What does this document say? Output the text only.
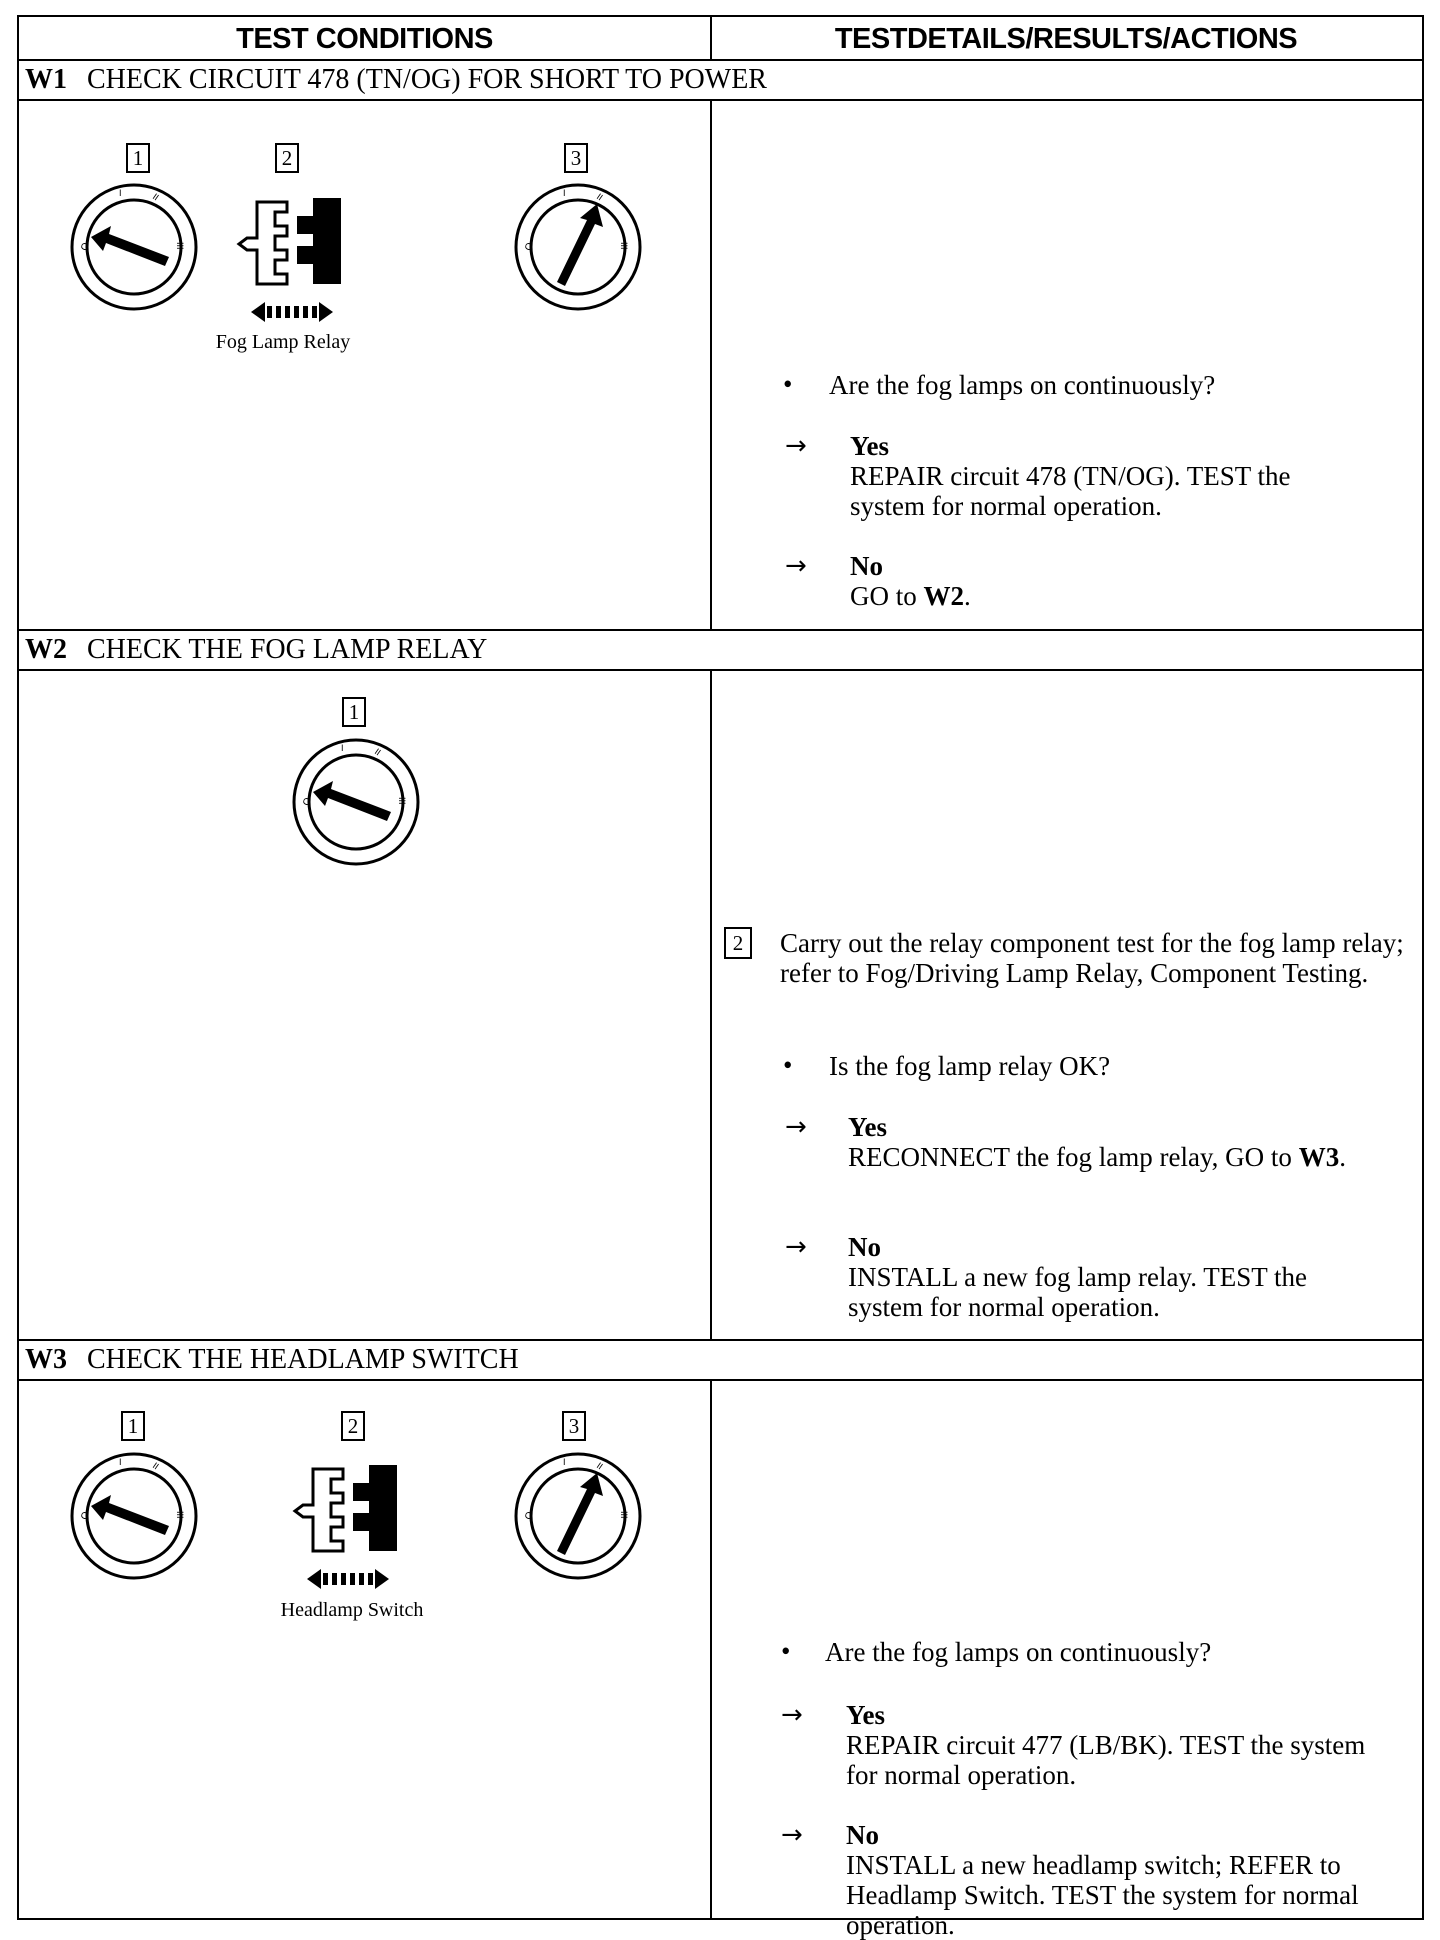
TEST CONDITIONS	TESTDETAILS/RESULTS/ACTIONS
W1 CHECK CIRCUIT 478 (TN/OG) FOR SHORT TO POWER
1	2	3
O
I	II
III
Fog Lamp Relay
O
I	II
III
• Are the fog lamps on continuously?
→ Yes
REPAIR circuit 478 (TN/OG). TEST the system for normal operation.
→ No
GO to W2.
W2 CHECK THE FOG LAMP RELAY
1
O
I	II
III
2	Carry out the relay component test for the fog lamp relay; refer to Fog/Driving Lamp Relay, Component Testing.
• Is the fog lamp relay OK?
→ Yes
RECONNECT the fog lamp relay, GO to W3.
→ No
INSTALL a new fog lamp relay. TEST the system for normal operation.
W3 CHECK THE HEADLAMP SWITCH
1	2	3
O
I	II
III
Headlamp Switch
O
I	II
III
• Are the fog lamps on continuously?
→ Yes
REPAIR circuit 477 (LB/BK). TEST the system for normal operation.
→ No
INSTALL a new headlamp switch; REFER to Headlamp Switch. TEST the system for normal operation.
